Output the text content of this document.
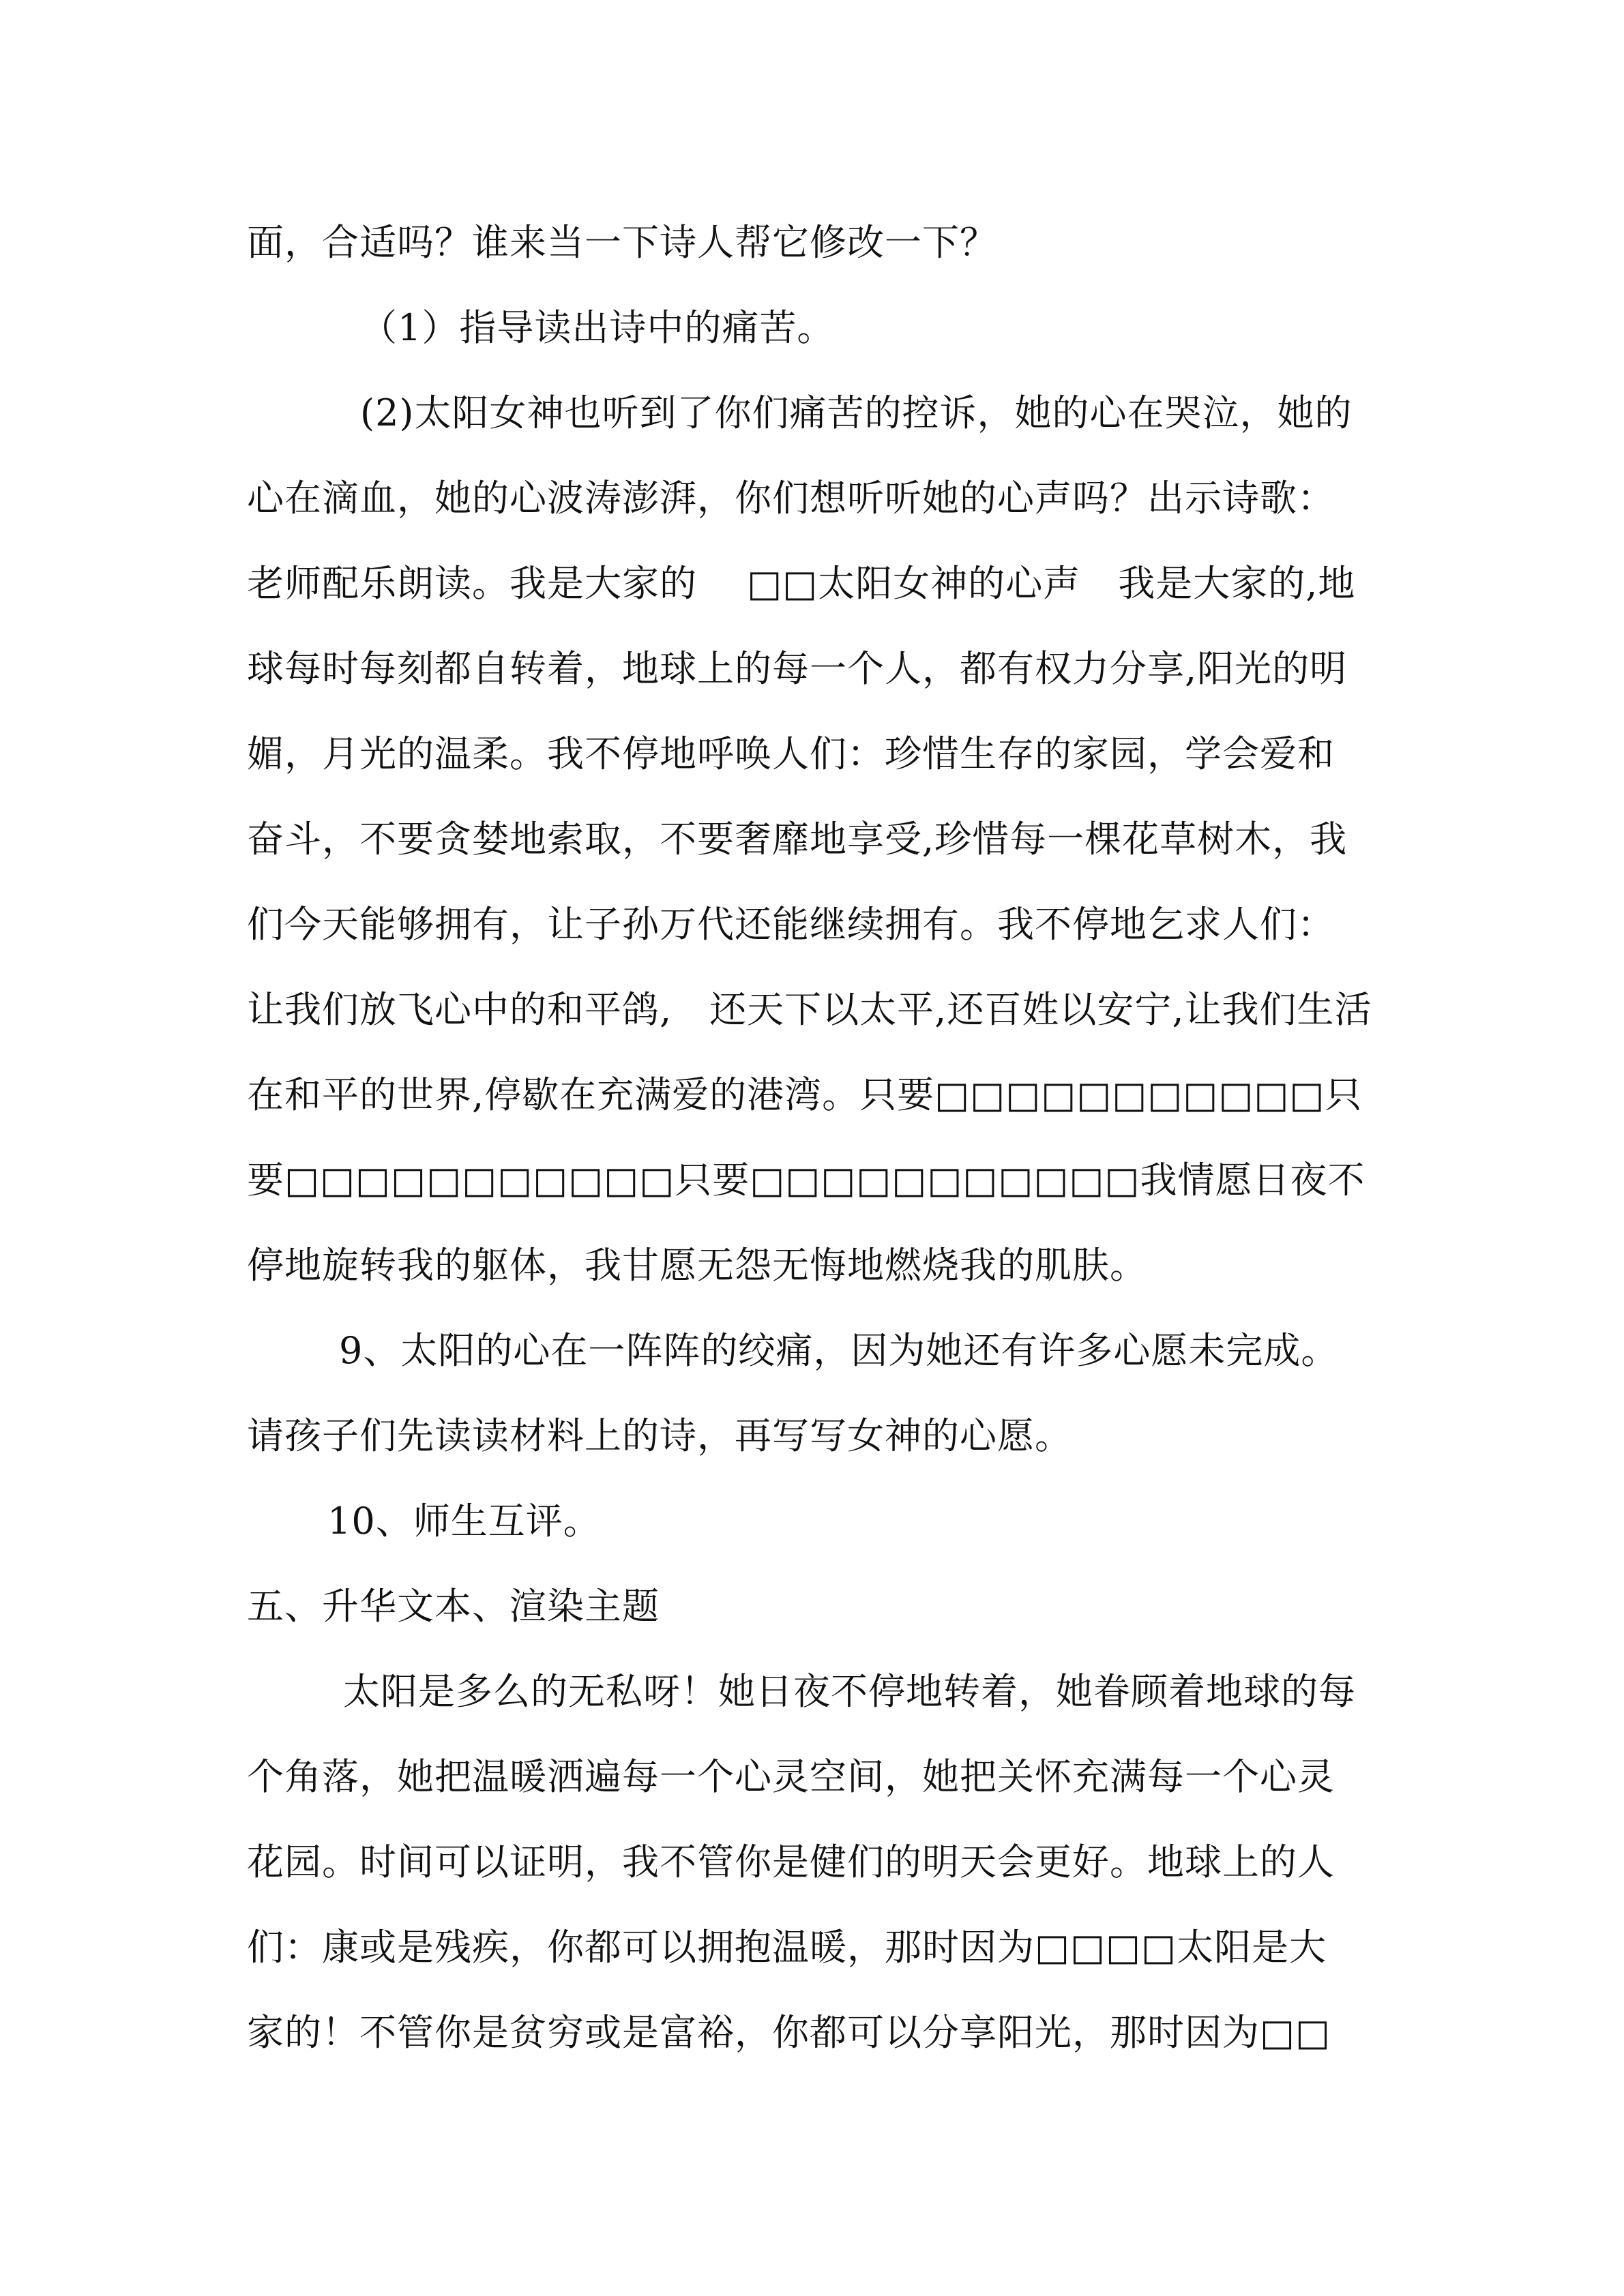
面，合适吗？谁来当一下诗人帮它修改一下？
（1）指导读出诗中的痛苦。
(2)太阳女神也听到了你们痛苦的控诉，她的心在哭泣，她的
心在滴血，她的心波涛澎湃，你们想听听她的心声吗？出示诗歌：
老师配乐朗读。我是大家的　 □□太阳女神的心声　我是大家的,地
球每时每刻都自转着，地球上的每一个人，都有权力分享,阳光的明
媚，月光的温柔。我不停地呼唤人们：珍惜生存的家园，学会爱和
奋斗，不要贪婪地索取，不要奢靡地享受,珍惜每一棵花草树木，我
们今天能够拥有，让子孙万代还能继续拥有。我不停地乞求人们：
让我们放飞心中的和平鸽,　还天下以太平,还百姓以安宁,让我们生活
在和平的世界,停歇在充满爱的港湾。只要□□□□□□□□□□□只
要□□□□□□□□□□□只要□□□□□□□□□□□我情愿日夜不
停地旋转我的躯体，我甘愿无怨无悔地燃烧我的肌肤。
9、太阳的心在一阵阵的绞痛，因为她还有许多心愿未完成。
请孩子们先读读材料上的诗，再写写女神的心愿。
10、师生互评。
五、升华文本、渲染主题
太阳是多么的无私呀！她日夜不停地转着，她眷顾着地球的每
个角落，她把温暖洒遍每一个心灵空间，她把关怀充满每一个心灵
花园。时间可以证明，我不管你是健们的明天会更好。地球上的人
们：康或是残疾，你都可以拥抱温暖，那时因为□□□□太阳是大
家的！不管你是贫穷或是富裕，你都可以分享阳光，那时因为□□
